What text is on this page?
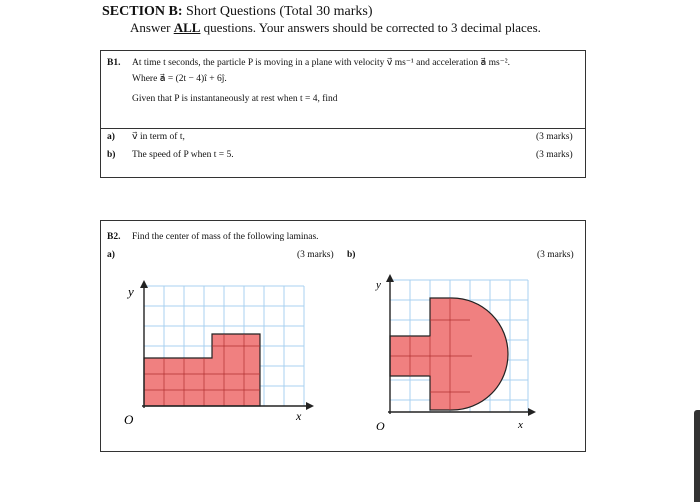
SECTION B: Short Questions (Total 30 marks)
Answer ALL questions. Your answers should be corrected to 3 decimal places.
B1. At time t seconds, the particle P is moving in a plane with velocity v⃗ ms⁻¹ and acceleration a⃗ ms⁻².
Where a⃗ = (2t − 4)î + 6ĵ.
Given that P is instantaneously at rest when t = 4, find
a) v⃗ in term of t,	(3 marks)
b) The speed of P when t = 5.	(3 marks)
B2. Find the center of mass of the following laminas.
a)	(3 marks) b)	(3 marks)
y
x
O
y
x
O
